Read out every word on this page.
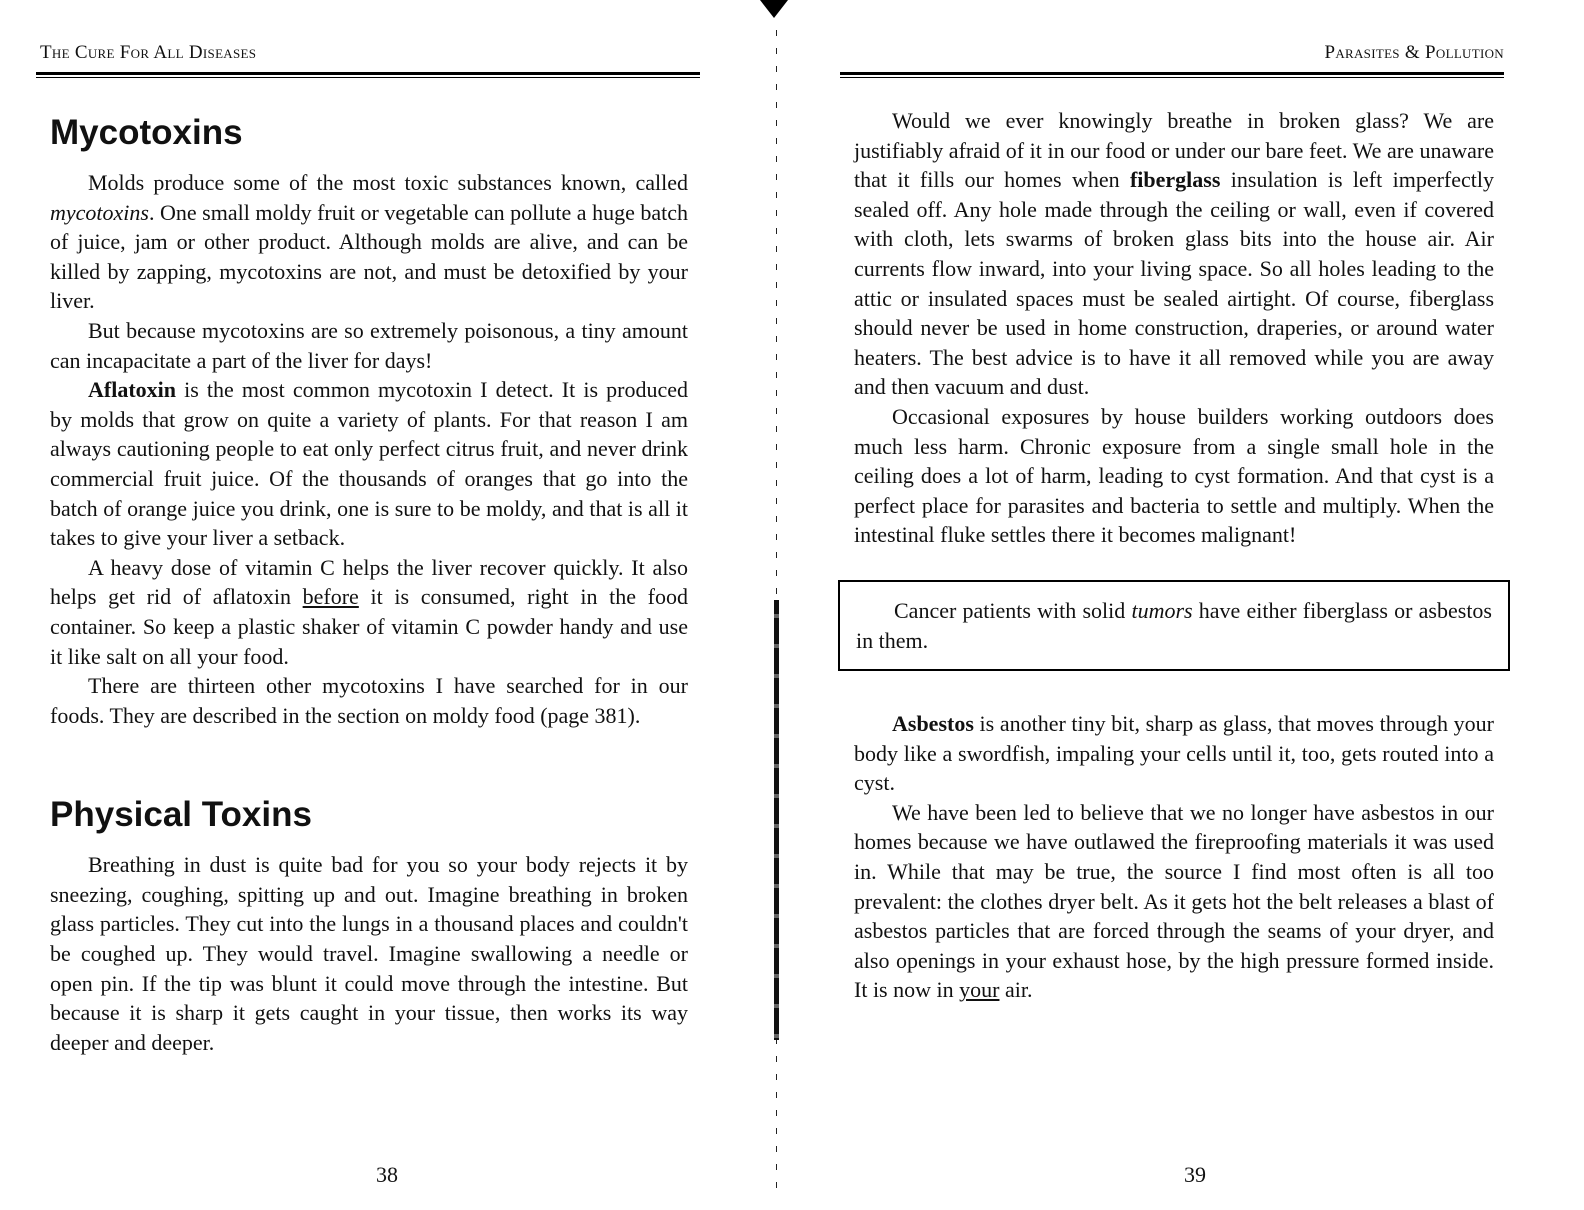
The Cure For All Diseases
Mycotoxins

Molds produce some of the most toxic substances known, called mycotoxins. One small moldy fruit or vegetable can pollute a huge batch of juice, jam or other product. Although molds are alive, and can be killed by zapping, mycotoxins are not, and must be detoxified by your liver.

But because mycotoxins are so extremely poisonous, a tiny amount can incapacitate a part of the liver for days!

Aflatoxin is the most common mycotoxin I detect. It is produced by molds that grow on quite a variety of plants. For that reason I am always cautioning people to eat only perfect citrus fruit, and never drink commercial fruit juice. Of the thousands of oranges that go into the batch of orange juice you drink, one is sure to be moldy, and that is all it takes to give your liver a setback.

A heavy dose of vitamin C helps the liver recover quickly. It also helps get rid of aflatoxin before it is consumed, right in the food container. So keep a plastic shaker of vitamin C powder handy and use it like salt on all your food.

There are thirteen other mycotoxins I have searched for in our foods. They are described in the section on moldy food (page 381).

Physical Toxins

Breathing in dust is quite bad for you so your body rejects it by sneezing, coughing, spitting up and out. Imagine breathing in broken glass particles. They cut into the lungs in a thousand places and couldn't be coughed up. They would travel. Imagine swallowing a needle or open pin. If the tip was blunt it could move through the intestine. But because it is sharp it gets caught in your tissue, then works its way deeper and deeper.

38
Parasites & Pollution

Would we ever knowingly breathe in broken glass? We are justifiably afraid of it in our food or under our bare feet. We are unaware that it fills our homes when fiberglass insulation is left imperfectly sealed off. Any hole made through the ceiling or wall, even if covered with cloth, lets swarms of broken glass bits into the house air. Air currents flow inward, into your living space. So all holes leading to the attic or insulated spaces must be sealed airtight. Of course, fiberglass should never be used in home construction, draperies, or around water heaters. The best advice is to have it all removed while you are away and then vacuum and dust.

Occasional exposures by house builders working outdoors does much less harm. Chronic exposure from a single small hole in the ceiling does a lot of harm, leading to cyst formation. And that cyst is a perfect place for parasites and bacteria to settle and multiply. When the intestinal fluke settles there it becomes malignant!

Cancer patients with solid tumors have either fiberglass or asbestos in them.

Asbestos is another tiny bit, sharp as glass, that moves through your body like a swordfish, impaling your cells until it, too, gets routed into a cyst.

We have been led to believe that we no longer have asbestos in our homes because we have outlawed the fireproofing materials it was used in. While that may be true, the source I find most often is all too prevalent: the clothes dryer belt. As it gets hot the belt releases a blast of asbestos particles that are forced through the seams of your dryer, and also openings in your exhaust hose, by the high pressure formed inside. It is now in your air.

39
